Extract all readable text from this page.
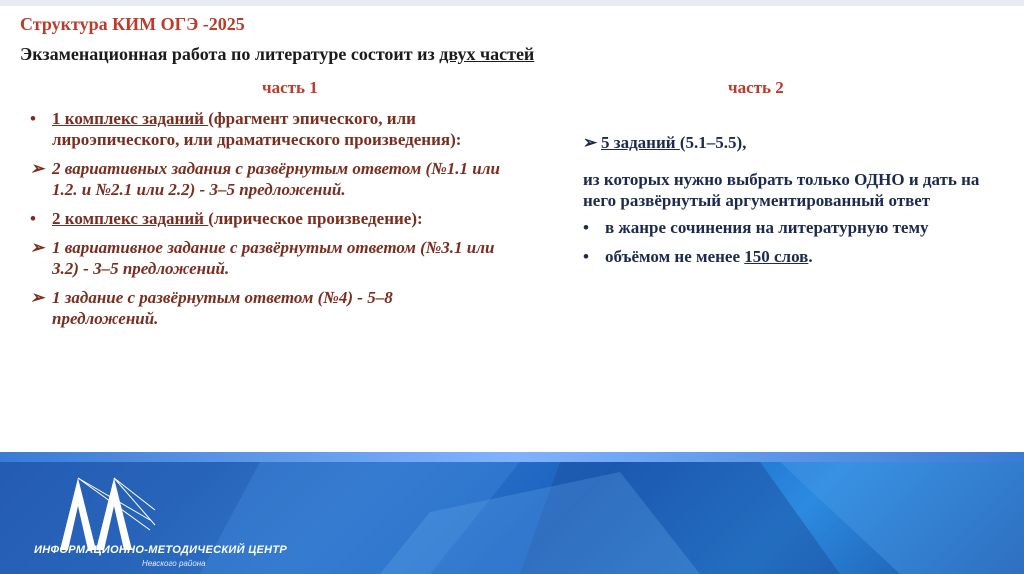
Структура КИМ ОГЭ -2025
Экзаменационная работа по литературе состоит из двух частей
часть 1	часть 2
• 1 комплекс заданий (фрагмент эпического, или лироэпического, или драматического произведения):
➢ 2 вариативных задания с развёрнутым ответом (№1.1 или 1.2. и №2.1 или 2.2) - 3–5 предложений.
• 2 комплекс заданий (лирическое произведение):
➢ 1 вариативное задание с развёрнутым ответом (№3.1 или 3.2) - 3–5 предложений.
➢ 1 задание с развёрнутым ответом (№4) - 5–8 предложений.
➢ 5 заданий (5.1–5.5),
из которых нужно выбрать только ОДНО и дать на него развёрнутый аргументированный ответ
• в жанре сочинения на литературную тему
• объёмом не менее 150 слов.
ИНФОРМАЦИОННО-МЕТОДИЧЕСКИЙ ЦЕНТР
Невского района
